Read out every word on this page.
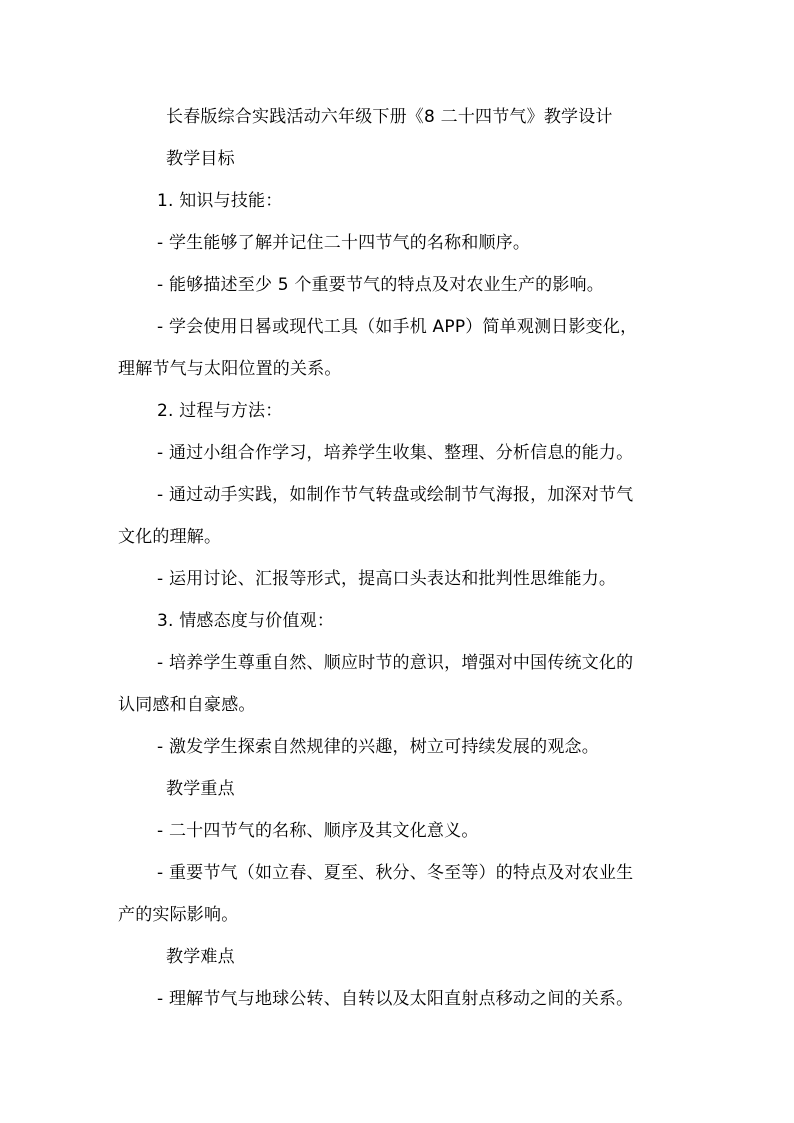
长春版综合实践活动六年级下册《8 二十四节气》教学设计
教学目标
1. 知识与技能：
- 学生能够了解并记住二十四节气的名称和顺序。
- 能够描述至少 5 个重要节气的特点及对农业生产的影响。
- 学会使用日晷或现代工具（如手机 APP）简单观测日影变化，
理解节气与太阳位置的关系。
2. 过程与方法：
- 通过小组合作学习，培养学生收集、整理、分析信息的能力。
- 通过动手实践，如制作节气转盘或绘制节气海报，加深对节气
文化的理解。
- 运用讨论、汇报等形式，提高口头表达和批判性思维能力。
3. 情感态度与价值观：
- 培养学生尊重自然、顺应时节的意识，增强对中国传统文化的
认同感和自豪感。
- 激发学生探索自然规律的兴趣，树立可持续发展的观念。
教学重点
- 二十四节气的名称、顺序及其文化意义。
- 重要节气（如立春、夏至、秋分、冬至等）的特点及对农业生
产的实际影响。
教学难点
- 理解节气与地球公转、自转以及太阳直射点移动之间的关系。
